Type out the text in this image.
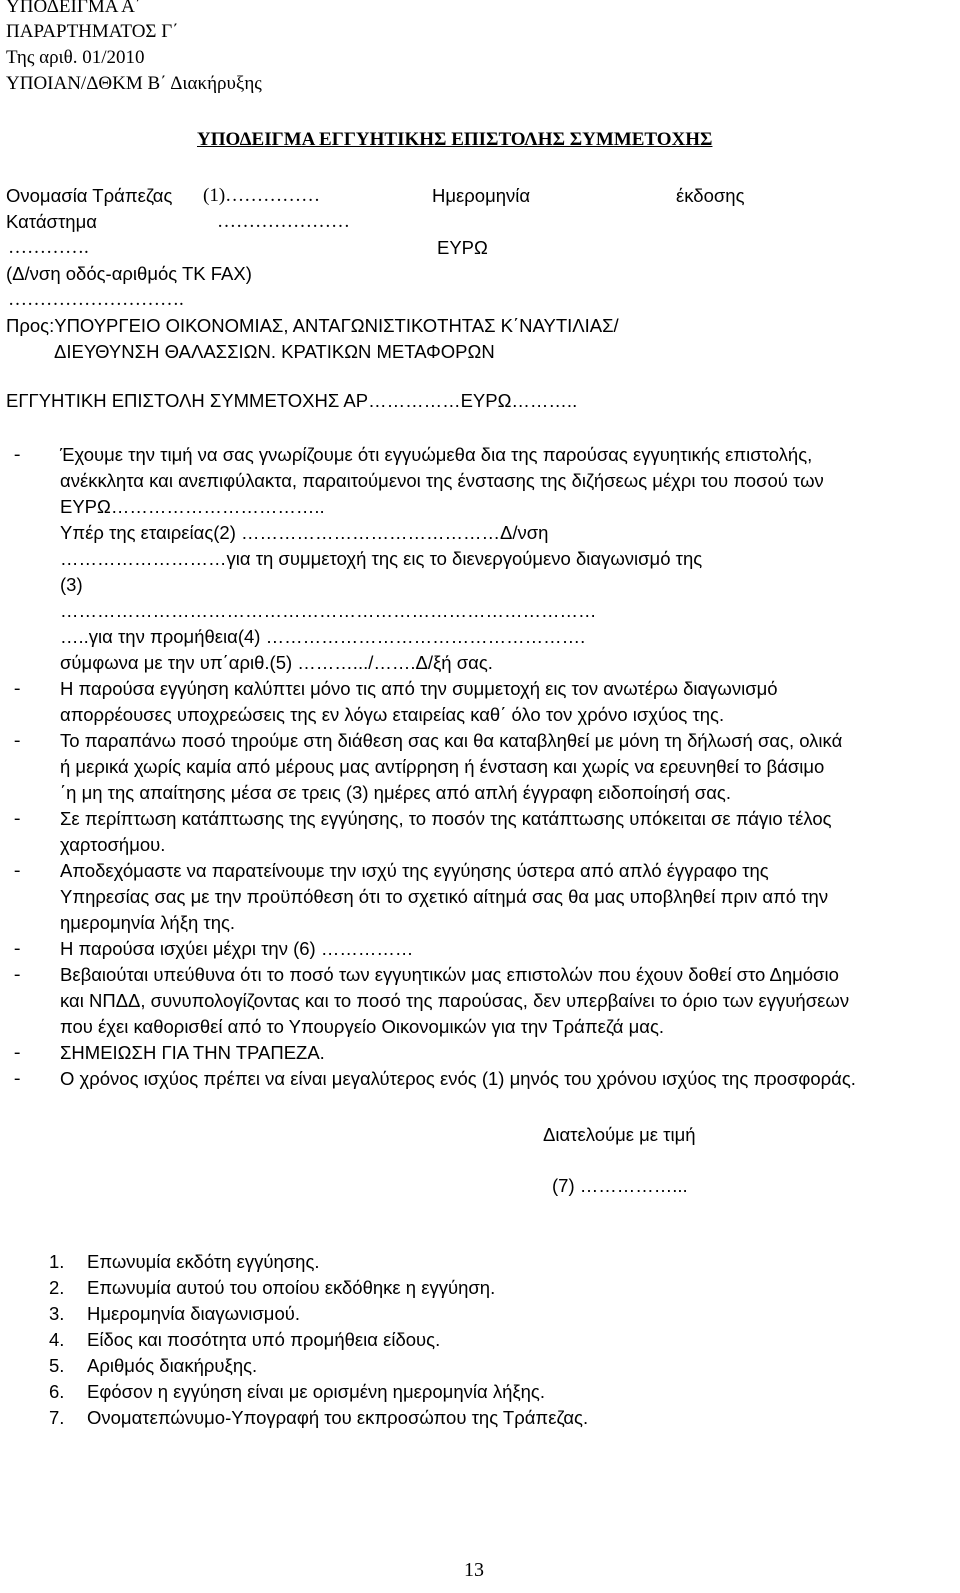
ΥΠΟΔΕΙΓΜΑ Α΄
ΠΑΡΑΡΤΗΜΑΤΟΣ Γ΄
Της αριθ. 01/2010
ΥΠΟΙΑΝ/ΔΘΚΜ Β΄ Διακήρυξης
ΥΠΟΔΕΙΓΜΑ ΕΓΓΥΗΤΙΚΗΣ ΕΠΙΣΤΟΛΗΣ ΣΥΜΜΕΤΟΧΗΣ
Ονομασία Τράπεζας (1)……………	Ημερομηνία	έκδοσης
Κατάστημα	…………………
………….	ΕΥΡΩ
(Δ/νση οδός-αριθμός ΤΚ FAX)
……………………….
Προς:ΥΠΟΥΡΓΕΙΟ ΟΙΚΟΝΟΜΙΑΣ, ΑΝΤΑΓΩΝΙΣΤΙΚΟΤΗΤΑΣ Κ΄ΝΑΥΤΙΛΙΑΣ/
ΔΙΕΥΘΥΝΣΗ ΘΑΛΑΣΣΙΩΝ. ΚΡΑΤΙΚΩΝ ΜΕΤΑΦΟΡΩΝ
ΕΓΓΥΗΤΙΚΗ ΕΠΙΣΤΟΛΗ ΣΥΜΜΕΤΟΧΗΣ ΑΡ……………ΕΥΡΩ………..
- Έχουμε την τιμή να σας γνωρίζουμε ότι εγγυώμεθα δια της παρούσας εγγυητικής επιστολής,
ανέκκλητα και ανεπιφύλακτα, παραιτούμενοι της ένστασης της διζήσεως μέχρι του ποσού των
ΕΥΡΩ……………………………..
Υπέρ της εταιρείας(2) ……………………………………Δ/νση
………………………για τη συμμετοχή της εις το διενεργούμενο διαγωνισμό της
(3)
……………………………………………………………………………
…..για την προμήθεια(4) …………………………………………….
σύμφωνα με την υπ΄αριθ.(5) ……….../…….Δ/ξή σας.
- Η παρούσα εγγύηση καλύπτει μόνο τις από την συμμετοχή εις τον ανωτέρω διαγωνισμό
απορρέουσες υποχρεώσεις της εν λόγω εταιρείας καθ΄ όλο τον χρόνο ισχύος της.
- Το παραπάνω ποσό τηρούμε στη διάθεση σας και θα καταβληθεί με μόνη τη δήλωσή σας, ολικά
ή μερικά χωρίς καμία από μέρους μας αντίρρηση ή ένσταση και χωρίς να ερευνηθεί το βάσιμο
΄η μη της απαίτησης μέσα σε τρεις (3) ημέρες από απλή έγγραφη ειδοποίησή σας.
- Σε περίπτωση κατάπτωσης της εγγύησης, το ποσόν της κατάπτωσης υπόκειται σε πάγιο τέλος
χαρτοσήμου.
- Αποδεχόμαστε να παρατείνουμε την ισχύ της εγγύησης ύστερα από απλό έγγραφο της
Υπηρεσίας σας με την προϋπόθεση ότι το σχετικό αίτημά σας θα μας υποβληθεί πριν από την
ημερομηνία λήξη της.
- Η παρούσα ισχύει μέχρι την (6) ……………
- Βεβαιούται υπεύθυνα ότι το ποσό των εγγυητικών μας επιστολών που έχουν δοθεί στο Δημόσιο
και ΝΠΔΔ, συνυπολογίζοντας και το ποσό της παρούσας, δεν υπερβαίνει το όριο των εγγυήσεων
που έχει καθορισθεί από το Υπουργείο Οικονομικών για την Τράπεζά μας.
- ΣΗΜΕΙΩΣΗ ΓΙΑ ΤΗΝ ΤΡΑΠΕΖΑ.
- Ο χρόνος ισχύος πρέπει να είναι μεγαλύτερος ενός (1) μηνός του χρόνου ισχύος της προσφοράς.
Διατελούμε με τιμή
(7) ……………...
1. Επωνυμία εκδότη εγγύησης.
2. Επωνυμία αυτού του οποίου εκδόθηκε η εγγύηση.
3. Ημερομηνία διαγωνισμού.
4. Είδος και ποσότητα υπό προμήθεια είδους.
5. Αριθμός διακήρυξης.
6. Εφόσον η εγγύηση είναι με ορισμένη ημερομηνία λήξης.
7. Ονοματεπώνυμο-Υπογραφή του εκπροσώπου της Τράπεζας.
13
